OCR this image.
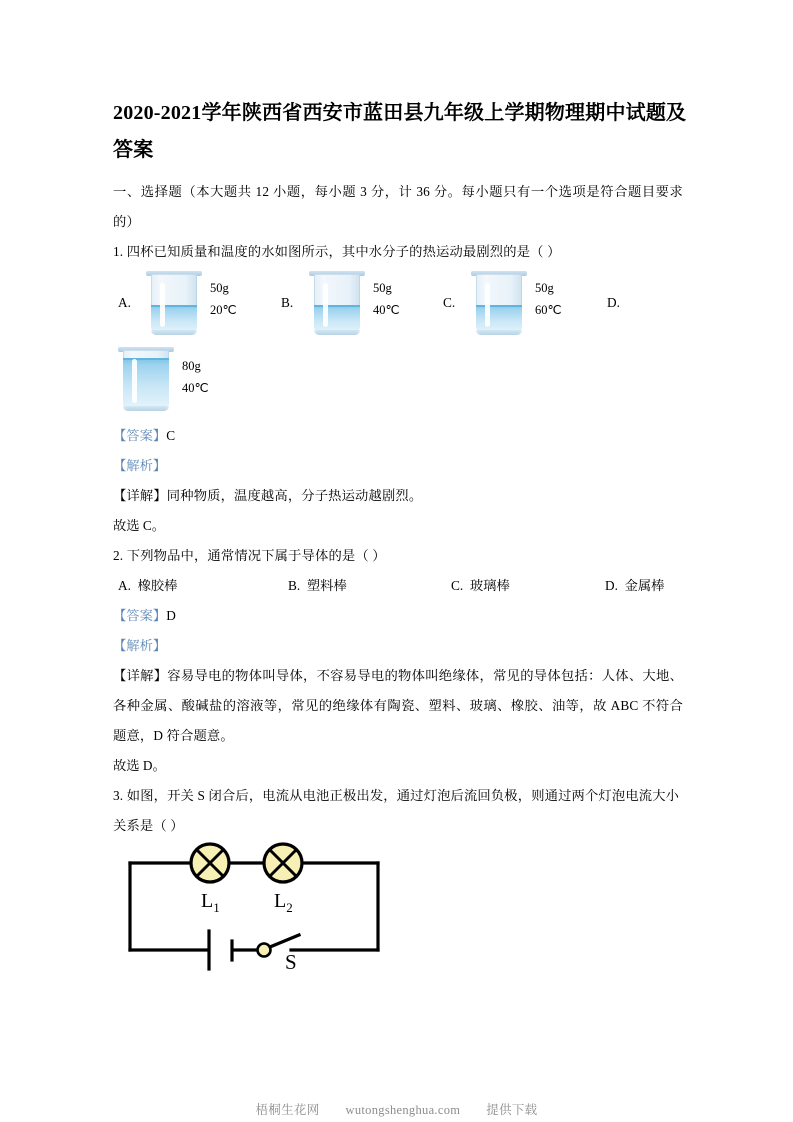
2020-2021学年陕西省西安市蓝田县九年级上学期物理期中试题及答案

一、选择题（本大题共 12 小题，每小题 3 分，计 36 分。每小题只有一个选项是符合题目要求的）

1. 四杯已知质量和温度的水如图所示，其中水分子的热运动最剧烈的是（ ）

A.
50g
20℃	B.
50g
40℃	C.
50g
60℃	D.
80g
40℃

【答案】C

【解析】

【详解】同种物质，温度越高，分子热运动越剧烈。

故选 C。

2. 下列物品中，通常情况下属于导体的是（ ）

A. 橡胶棒	B. 塑料棒	C. 玻璃棒	D. 金属棒

【答案】D

【解析】

【详解】容易导电的物体叫导体，不容易导电的物体叫绝缘体，常见的导体包括：人体、大地、各种金属、酸碱盐的溶液等，常见的绝缘体有陶瓷、塑料、玻璃、橡胶、油等，故 ABC 不符合题意，D 符合题意。

故选 D。

3. 如图，开关 S 闭合后，电流从电池正极出发，通过灯泡后流回负极，则通过两个灯泡电流大小关系是（ ）

$L_1$	$L_2$
S
梧桐生花网 wutongshenghua.com 提供下载
